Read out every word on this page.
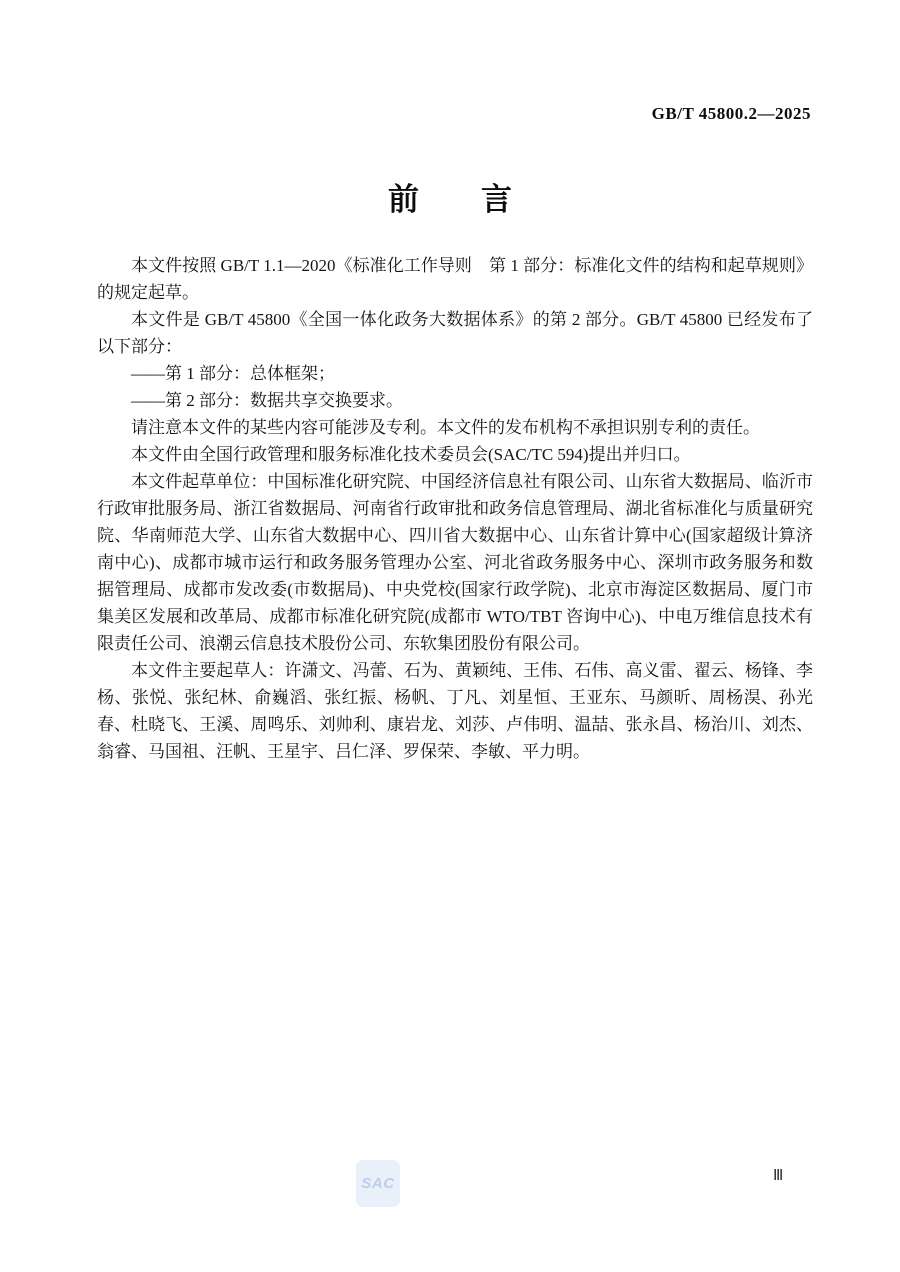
GB/T 45800.2—2025
前　　言

本文件按照 GB/T 1.1—2020《标准化工作导则　第 1 部分：标准化文件的结构和起草规则》的规定起草。

本文件是 GB/T 45800《全国一体化政务大数据体系》的第 2 部分。GB/T 45800 已经发布了以下部分：

——第 1 部分：总体框架；

——第 2 部分：数据共享交换要求。

请注意本文件的某些内容可能涉及专利。本文件的发布机构不承担识别专利的责任。

本文件由全国行政管理和服务标准化技术委员会(SAC/TC 594)提出并归口。

本文件起草单位：中国标准化研究院、中国经济信息社有限公司、山东省大数据局、临沂市行政审批服务局、浙江省数据局、河南省行政审批和政务信息管理局、湖北省标准化与质量研究院、华南师范大学、山东省大数据中心、四川省大数据中心、山东省计算中心(国家超级计算济南中心)、成都市城市运行和政务服务管理办公室、河北省政务服务中心、深圳市政务服务和数据管理局、成都市发改委(市数据局)、中央党校(国家行政学院)、北京市海淀区数据局、厦门市集美区发展和改革局、成都市标准化研究院(成都市 WTO/TBT 咨询中心)、中电万维信息技术有限责任公司、浪潮云信息技术股份公司、东软集团股份有限公司。

本文件主要起草人：许潇文、冯蕾、石为、黄颖纯、王伟、石伟、高义雷、翟云、杨锋、李杨、张悦、张纪林、俞巍滔、张红振、杨帆、丁凡、刘星恒、王亚东、马颜昕、周杨淏、孙光春、杜晓飞、王溪、周鸣乐、刘帅利、康岩龙、刘莎、卢伟明、温喆、张永昌、杨治川、刘杰、翁睿、马国祖、汪帆、王星宇、吕仁泽、罗保荣、李敏、平力明。

SAC	Ⅲ
